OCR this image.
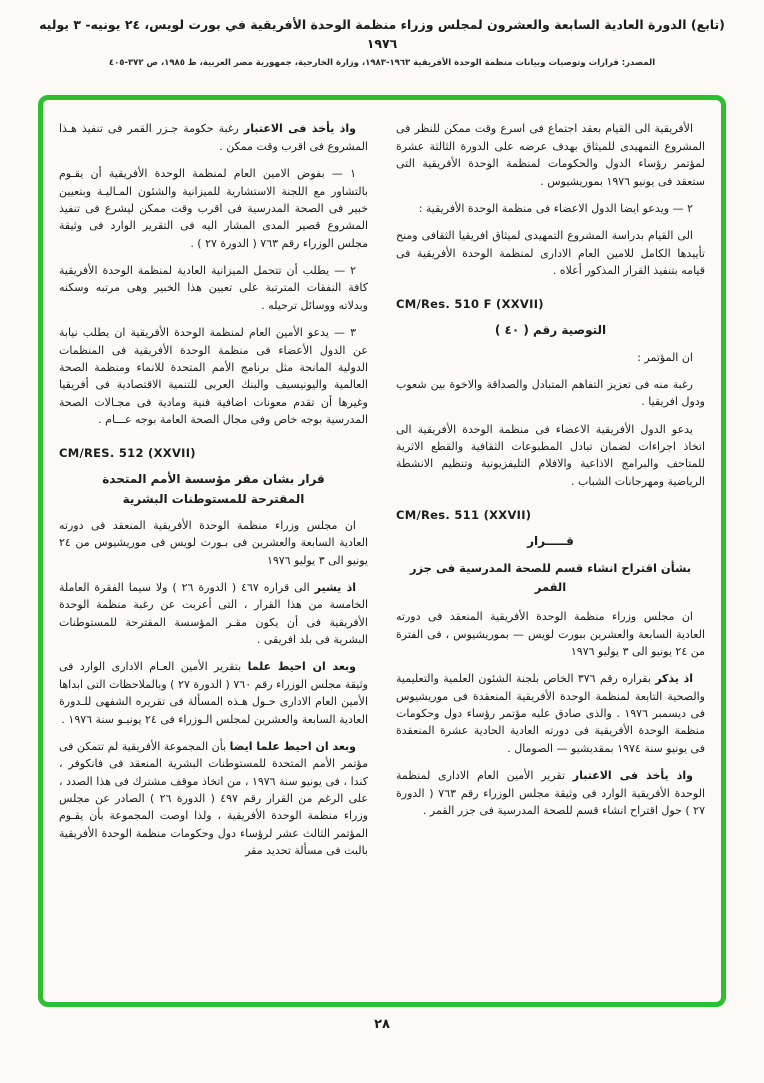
(تابع) الدورة العادية السابعة والعشرون لمجلس وزراء منظمة الوحدة الأفريقية في بورت لويس، ٢٤ يونيه- ٣ يوليه ١٩٧٦
المصدر: قرارات وتوصيات وبيانات منظمة الوحدة الأفريقية ١٩٦٣-١٩٨٣، وزارة الخارجية، جمهورية مصر العربية، ط ١٩٨٥، ص ٣٧٢-٤٠٥

الأفريقية الى القيام بعقد اجتماع فى اسرع وقت ممكن للنظر فى المشروع التمهيدى للميثاق بهدف عرضه على الدورة الثالثة عشرة لمؤتمر رؤساء الدول والحكومات لمنظمة الوحدة الأفريقية التى ستعقد فى يونيو ١٩٧٦ بموريشيوس .

٢ — ويدعو ايضا الدول الاعضاء فى منظمة الوحدة الأفريقية :

الى القيام بدراسة المشروع التمهيدى لميثاق افريقيا الثقافى ومنح تأييدها الكامل للامين العام الادارى لمنظمة الوحدة الأفريقية فى قيامه بتنفيذ القرار المذكور أعلاه .

CM/Res. 510 F (XXVII)
التوصية رقم ( ٤٠ )

ان المؤتمر :

رغبة منه فى تعزيز التفاهم المتبادل والصداقة والاخوة بين شعوب ودول افريقيا .

يدعو الدول الأفريقية الاعضاء فى منظمة الوحدة الأفريقية الى اتخاذ اجراءات لضمان تبادل المطبوعات الثقافية والقطع الاثرية للمتاحف والبرامج الاذاعية والافلام التليفزيونية وتنظيم الانشطة الرياضية ومهرجانات الشباب .

CM/Res. 511 (XXVII)
قـــــرار
بشأن اقتراح انشاء قسم للصحة المدرسية فى جزر القمر

ان مجلس وزراء منظمة الوحدة الأفريقية المنعقد فى دورته العادية السابعة والعشرين ببورت لويس — بموريشيوس ، فى الفترة من ٢٤ يونيو الى ٣ يوليو ١٩٧٦

اذ يذكر بقراره رقم ٣٧٦ الخاص بلجنة الشئون العلمية والتعليمية والصحية التابعة لمنظمة الوحدة الأفريقية المنعقدة فى موريشيوس فى ديسمبر ١٩٧٦ . والذى صادق عليه مؤتمر رؤساء دول وحكومات منظمة الوحدة الأفريقية فى دورته العادية الحادية عشرة المنعقدة فى يونيو سنة ١٩٧٤ بمقديشيو — الصومال .

واذ يأخذ فى الاعتبار تقرير الأمين العام الادارى لمنظمة الوحدة الأفريقية الوارد فى وثيقة مجلس الوزراء رقم ٧٦٣ ( الدورة ٢٧ ) حول اقتراح انشاء قسم للصحة المدرسية فى جزر القمر .

واذ يأخذ فى الاعتبار رغبة حكومة جـزر القمر فى تنفيذ هـذا المشروع فى اقرب وقت ممكن .

١ — بفوض الامين العام لمنظمة الوحدة الأفريقية أن يقـوم بالتشاور مع اللجنة الاستشارية للميزانية والشئون المـاليـة وبتعيين خبير فى الصحة المدرسية فى اقرب وقت ممكن ليشرع فى تنفيذ المشروع قصير المدى المشار اليه فى التقرير الوارد فى وثيقة مجلس الوزراء رقم ٧٦٣ ( الدورة ٢٧ ) .

٢ — يطلب أن تتحمل الميزانية العادية لمنظمة الوحدة الأفريقية كافة النفقات المترتبة على تعيين هذا الخبير وهى مرتبه وسكنه وبدلاته ووسائل ترحيله .

٣ — يدعو الأمين العام لمنظمة الوحدة الأفريقية ان يطلب نيابة عن الدول الأعضاء فى منظمة الوحدة الأفريقية فى المنظمات الدولية المانحة مثل برنامج الأمم المتحدة للانماء ومنظمة الصحة العالمية واليونيسيف والبنك العربى للتنمية الاقتصادية فى أفريقيا وغيرها أن تقدم معونات اضافية فنية ومادية فى مجـالات الصحة المدرسية بوجه خاص وفى مجال الصحة العامة بوجه عـــام .

CM/RES. 512 (XXVII)
قرار بشان مقر مؤسسة الأمم المتحدة المقترحة للمستوطنات البشرية

ان مجلس وزراء منظمة الوحدة الأفريقية المنعقد فى دورته العادية السابعة والعشرين فى بـورت لويس فى موريشيوس من ٢٤ يونيو الى ٣ يوليو ١٩٧٦

اذ يشير الى قراره ٤٦٧ ( الدورة ٢٦ ) ولا سيما الفقرة العاملة الخامسة من هذا القرار ، التى أعربت عن رغبة منظمة الوحدة الأفريقية فى أن يكون مقـر المؤسسة المقترحة للمستوطنات البشرية فى بلد افريقى .

وبعد ان احيط علما بتقرير الأمين العـام الادارى الوارد فى وثيقة مجلس الوزراء رقم ٧٦٠ ( الدورة ٢٧ ) وبالملاحظات التى ابداها الأمين العام الادارى حـول هـذه المسألة فى تقريره الشفهى للـدورة العادية السابعة والعشرين لمجلس الـوزراء فى ٢٤ يونيـو سنة ١٩٧٦ .

وبعد ان احيط علما ايضا بأن المجموعة الأفريقية لم تتمكن فى مؤتمر الأمم المتحدة للمستوطنات البشرية المنعقد فى فانكوفر ، كندا ، فى يونيو سنة ١٩٧٦ ، من اتخاذ موقف مشترك فى هذا الصدد ، على الرغم من القرار رقم ٤٩٧ ( الدورة ٢٦ ) الصادر عن مجلس وزراء منظمة الوحدة الأفريقية ، ولذا اوصت المجموعة بأن يقـوم المؤتمر الثالث عشر لرؤساء دول وحكومات منظمة الوحدة الأفريقية بالبت فى مسألة تحديد مقر

٢٨
